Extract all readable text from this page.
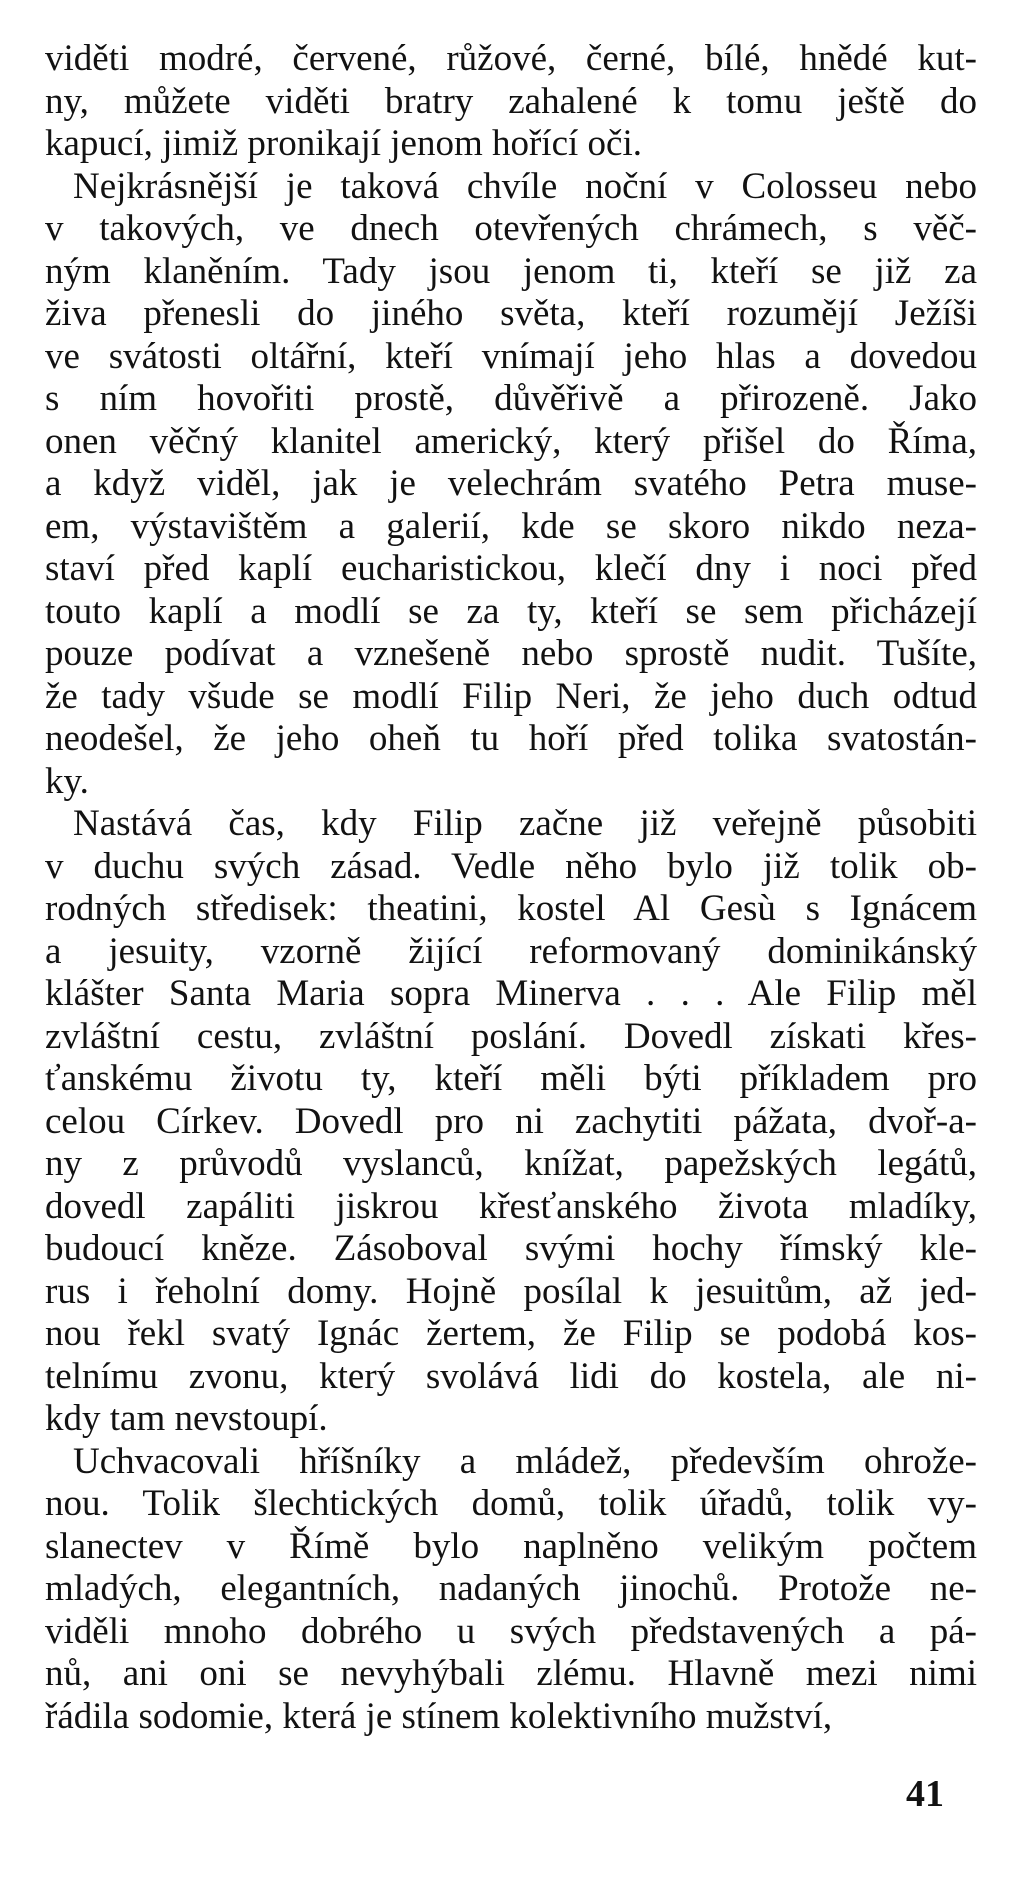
viděti modré, červené, růžové, černé, bílé, hnědé kut-
ny, můžete viděti bratry zahalené k tomu ještě do
kapucí, jimiž pronikají jenom hořící oči.
Nejkrásnější je taková chvíle noční v Colosseu nebo
v takových, ve dnech otevřených chrámech, s věč-
ným klaněním. Tady jsou jenom ti, kteří se již za
živa přenesli do jiného světa, kteří rozumějí Ježíši
ve svátosti oltářní, kteří vnímají jeho hlas a dovedou
s ním hovořiti prostě, důvěřivě a přirozeně. Jako
onen věčný klanitel americký, který přišel do Říma,
a když viděl, jak je velechrám svatého Petra muse-
em, výstavištěm a galerií, kde se skoro nikdo neza-
staví před kaplí eucharistickou, klečí dny i noci před
touto kaplí a modlí se za ty, kteří se sem přicházejí
pouze podívat a vznešeně nebo sprostě nudit. Tušíte,
že tady všude se modlí Filip Neri, že jeho duch odtud
neodešel, že jeho oheň tu hoří před tolika svatostán-
ky.
Nastává čas, kdy Filip začne již veřejně působiti
v duchu svých zásad. Vedle něho bylo již tolik ob-
rodných středisek: theatini, kostel Al Gesù s Ignácem
a jesuity, vzorně žijící reformovaný dominikánský
klášter Santa Maria sopra Minerva . . . Ale Filip měl
zvláštní cestu, zvláštní poslání. Dovedl získati křes-
ťanskému životu ty, kteří měli býti příkladem pro
celou Církev. Dovedl pro ni zachytiti pážata, dvoř-a-
ny z průvodů vyslanců, knížat, papežských legátů,
dovedl zapáliti jiskrou křesťanského života mladíky,
budoucí kněze. Zásoboval svými hochy římský kle-
rus i řeholní domy. Hojně posílal k jesuitům, až jed-
nou řekl svatý Ignác žertem, že Filip se podobá kos-
telnímu zvonu, který svolává lidi do kostela, ale ni-
kdy tam nevstoupí.
Uchvacovali hříšníky a mládež, především ohrože-
nou. Tolik šlechtických domů, tolik úřadů, tolik vy-
slanectev v Římě bylo naplněno velikým počtem
mladých, elegantních, nadaných jinochů. Protože ne-
viděli mnoho dobrého u svých představených a pá-
nů, ani oni se nevyhýbali zlému. Hlavně mezi nimi
řádila sodomie, která je stínem kolektivního mužství,
41
